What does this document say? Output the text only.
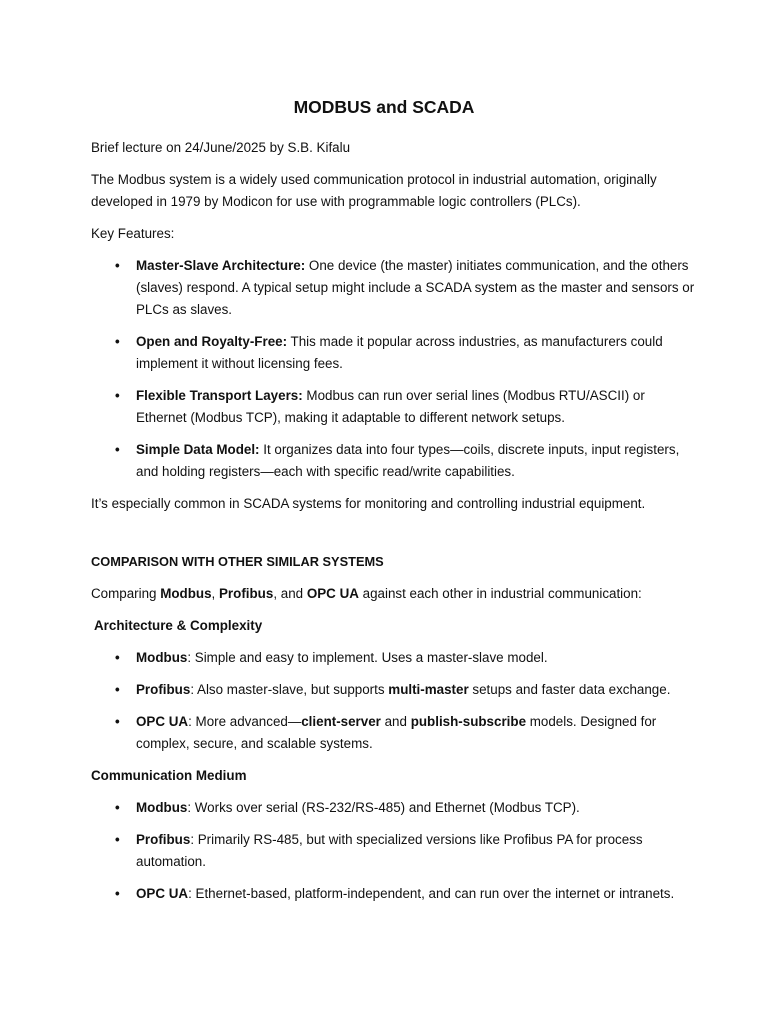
MODBUS and SCADA

Brief lecture on 24/June/2025 by S.B. Kifalu

The Modbus system is a widely used communication protocol in industrial automation, originally developed in 1979 by Modicon for use with programmable logic controllers (PLCs).

Key Features:

• Master-Slave Architecture: One device (the master) initiates communication, and the others (slaves) respond. A typical setup might include a SCADA system as the master and sensors or PLCs as slaves.
• Open and Royalty-Free: This made it popular across industries, as manufacturers could implement it without licensing fees.
• Flexible Transport Layers: Modbus can run over serial lines (Modbus RTU/ASCII) or Ethernet (Modbus TCP), making it adaptable to different network setups.
• Simple Data Model: It organizes data into four types—coils, discrete inputs, input registers, and holding registers—each with specific read/write capabilities.

It’s especially common in SCADA systems for monitoring and controlling industrial equipment.

COMPARISON WITH OTHER SIMILAR SYSTEMS

Comparing Modbus, Profibus, and OPC UA against each other in industrial communication:

Architecture & Complexity

• Modbus: Simple and easy to implement. Uses a master-slave model.
• Profibus: Also master-slave, but supports multi-master setups and faster data exchange.
• OPC UA: More advanced—client-server and publish-subscribe models. Designed for complex, secure, and scalable systems.

Communication Medium

• Modbus: Works over serial (RS-232/RS-485) and Ethernet (Modbus TCP).
• Profibus: Primarily RS-485, but with specialized versions like Profibus PA for process automation.
• OPC UA: Ethernet-based, platform-independent, and can run over the internet or intranets.
